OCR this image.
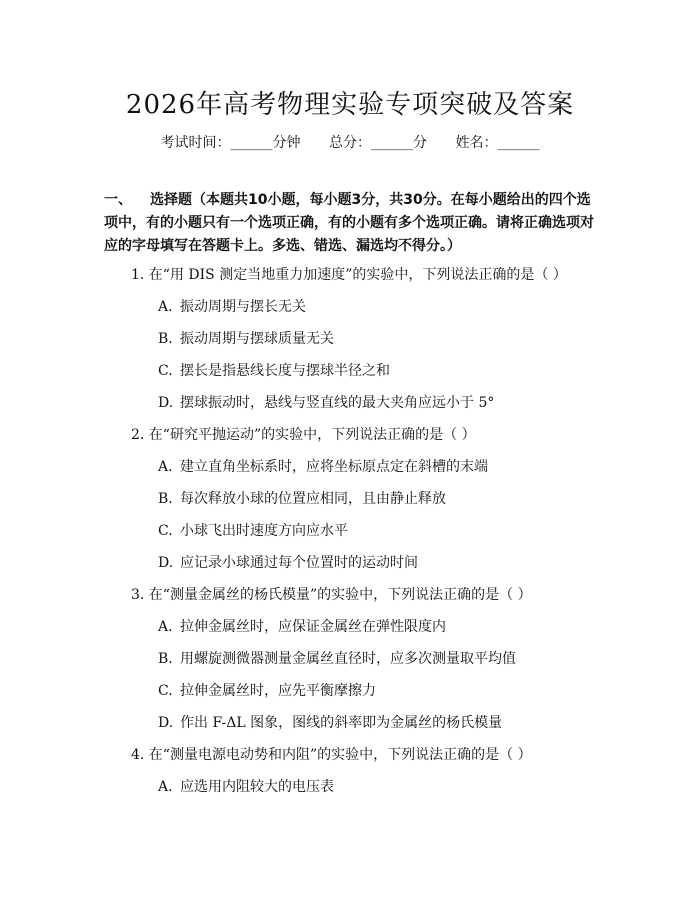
2026年高考物理实验专项突破及答案
考试时间：______分钟 总分：______分 姓名：______
一、 选择题（本题共10小题，每小题3分，共30分。在每小题给出的四个选项中，有的小题只有一个选项正确，有的小题有多个选项正确。请将正确选项对应的字母填写在答题卡上。多选、错选、漏选均不得分。）
1. 在“用 DIS 测定当地重力加速度”的实验中，下列说法正确的是（ ）
A. 振动周期与摆长无关
B. 振动周期与摆球质量无关
C. 摆长是指悬线长度与摆球半径之和
D. 摆球振动时，悬线与竖直线的最大夹角应远小于 5°
2. 在“研究平抛运动”的实验中，下列说法正确的是（ ）
A. 建立直角坐标系时，应将坐标原点定在斜槽的末端
B. 每次释放小球的位置应相同，且由静止释放
C. 小球飞出时速度方向应水平
D. 应记录小球通过每个位置时的运动时间
3. 在“测量金属丝的杨氏模量”的实验中，下列说法正确的是（ ）
A. 拉伸金属丝时，应保证金属丝在弹性限度内
B. 用螺旋测微器测量金属丝直径时，应多次测量取平均值
C. 拉伸金属丝时，应先平衡摩擦力
D. 作出 F-ΔL 图象，图线的斜率即为金属丝的杨氏模量
4. 在“测量电源电动势和内阻”的实验中，下列说法正确的是（ ）
A. 应选用内阻较大的电压表
